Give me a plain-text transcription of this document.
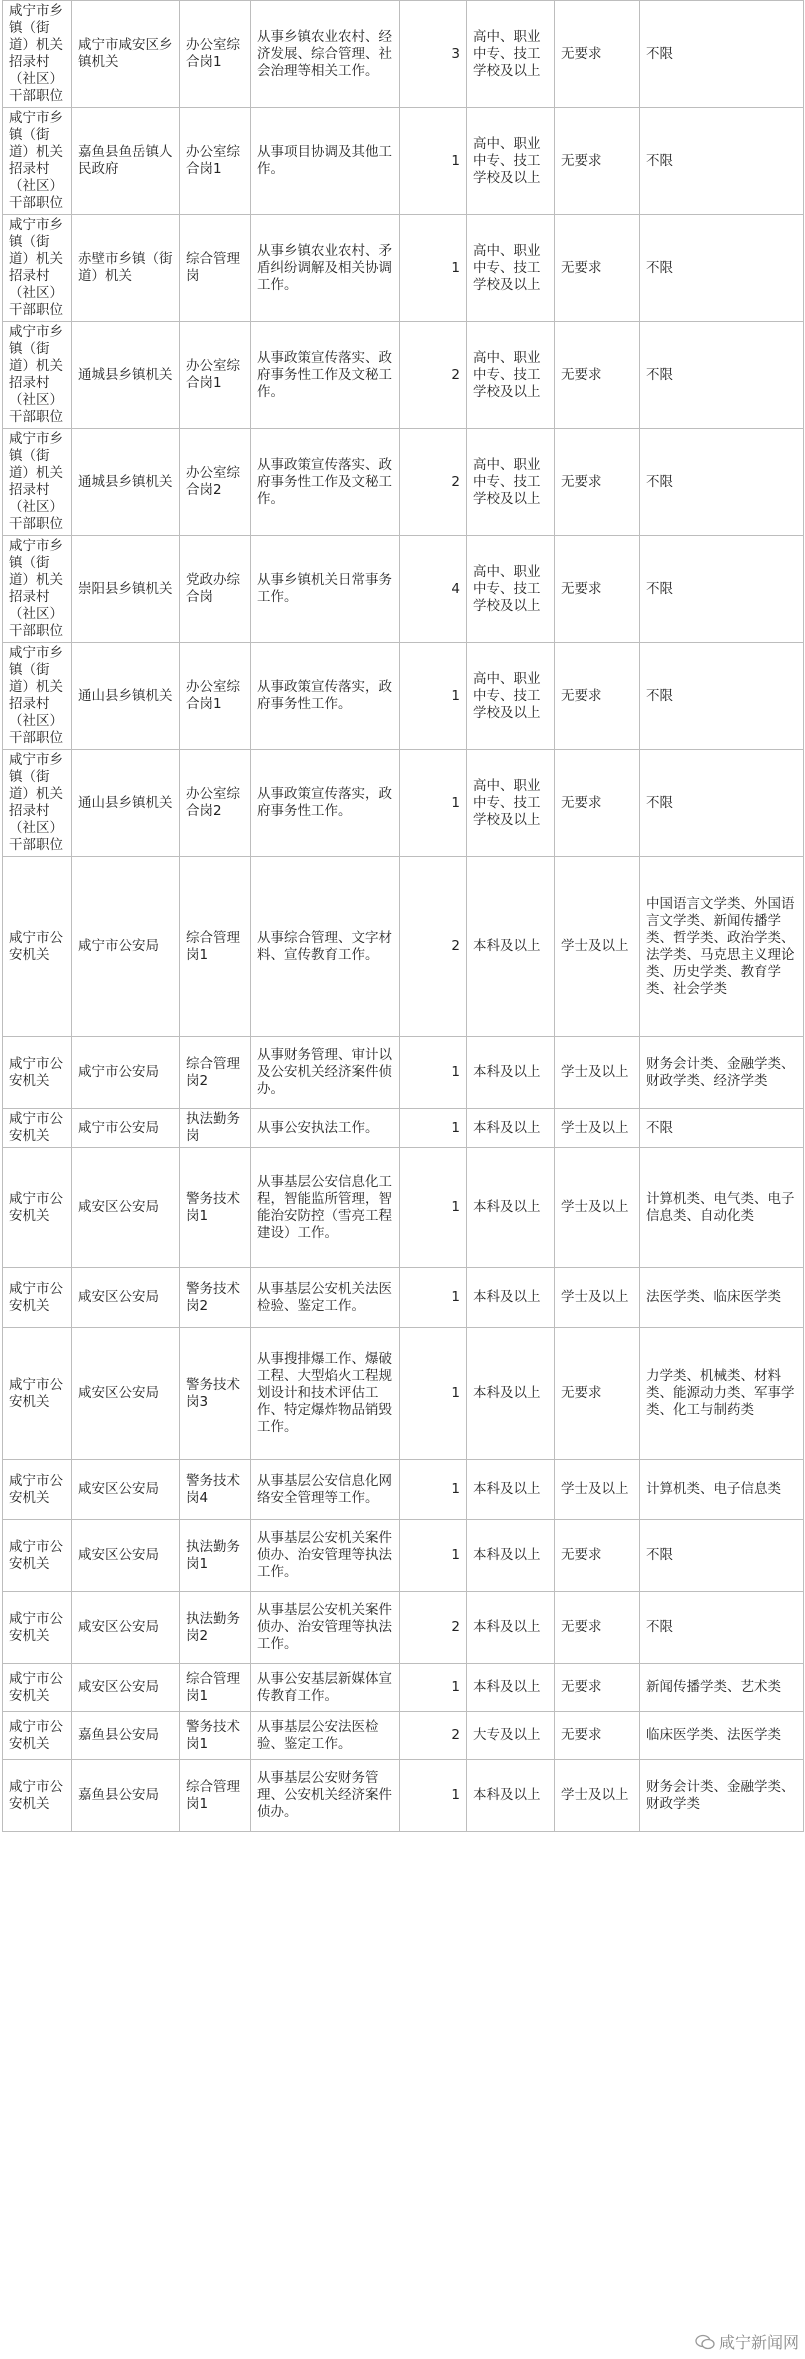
咸宁市乡镇（街道）机关招录村（社区）干部职位	咸宁市咸安区乡镇机关	办公室综合岗1	从事乡镇农业农村、经济发展、综合管理、社会治理等相关工作。	3	高中、职业中专、技工学校及以上	无要求	不限
咸宁市乡镇（街道）机关招录村（社区）干部职位	嘉鱼县鱼岳镇人民政府	办公室综合岗1	从事项目协调及其他工作。	1	高中、职业中专、技工学校及以上	无要求	不限
咸宁市乡镇（街道）机关招录村（社区）干部职位	赤壁市乡镇（街道）机关	综合管理岗	从事乡镇农业农村、矛盾纠纷调解及相关协调工作。	1	高中、职业中专、技工学校及以上	无要求	不限
咸宁市乡镇（街道）机关招录村（社区）干部职位	通城县乡镇机关	办公室综合岗1	从事政策宣传落实、政府事务性工作及文秘工作。	2	高中、职业中专、技工学校及以上	无要求	不限
咸宁市乡镇（街道）机关招录村（社区）干部职位	通城县乡镇机关	办公室综合岗2	从事政策宣传落实、政府事务性工作及文秘工作。	2	高中、职业中专、技工学校及以上	无要求	不限
咸宁市乡镇（街道）机关招录村（社区）干部职位	崇阳县乡镇机关	党政办综合岗	从事乡镇机关日常事务工作。	4	高中、职业中专、技工学校及以上	无要求	不限
咸宁市乡镇（街道）机关招录村（社区）干部职位	通山县乡镇机关	办公室综合岗1	从事政策宣传落实，政府事务性工作。	1	高中、职业中专、技工学校及以上	无要求	不限
咸宁市乡镇（街道）机关招录村（社区）干部职位	通山县乡镇机关	办公室综合岗2	从事政策宣传落实，政府事务性工作。	1	高中、职业中专、技工学校及以上	无要求	不限
咸宁市公安机关	咸宁市公安局	综合管理岗1	从事综合管理、文字材料、宣传教育工作。	2	本科及以上	学士及以上	中国语言文学类、外国语言文学类、新闻传播学类、哲学类、政治学类、法学类、马克思主义理论类、历史学类、教育学类、社会学类
咸宁市公安机关	咸宁市公安局	综合管理岗2	从事财务管理、审计以及公安机关经济案件侦办。	1	本科及以上	学士及以上	财务会计类、金融学类、财政学类、经济学类
咸宁市公安机关	咸宁市公安局	执法勤务岗	从事公安执法工作。	1	本科及以上	学士及以上	不限
咸宁市公安机关	咸安区公安局	警务技术岗1	从事基层公安信息化工程，智能监所管理，智能治安防控（雪亮工程建设）工作。	1	本科及以上	学士及以上	计算机类、电气类、电子信息类、自动化类
咸宁市公安机关	咸安区公安局	警务技术岗2	从事基层公安机关法医检验、鉴定工作。	1	本科及以上	学士及以上	法医学类、临床医学类
咸宁市公安机关	咸安区公安局	警务技术岗3	从事搜排爆工作、爆破工程、大型焰火工程规划设计和技术评估工作、特定爆炸物品销毁工作。	1	本科及以上	无要求	力学类、机械类、材料类、能源动力类、军事学类、化工与制药类
咸宁市公安机关	咸安区公安局	警务技术岗4	从事基层公安信息化网络安全管理等工作。	1	本科及以上	学士及以上	计算机类、电子信息类
咸宁市公安机关	咸安区公安局	执法勤务岗1	从事基层公安机关案件侦办、治安管理等执法工作。	1	本科及以上	无要求	不限
咸宁市公安机关	咸安区公安局	执法勤务岗2	从事基层公安机关案件侦办、治安管理等执法工作。	2	本科及以上	无要求	不限
咸宁市公安机关	咸安区公安局	综合管理岗1	从事公安基层新媒体宣传教育工作。	1	本科及以上	无要求	新闻传播学类、艺术类
咸宁市公安机关	嘉鱼县公安局	警务技术岗1	从事基层公安法医检验、鉴定工作。	2	大专及以上	无要求	临床医学类、法医学类
咸宁市公安机关	嘉鱼县公安局	综合管理岗1	从事基层公安财务管理、公安机关经济案件侦办。	1	本科及以上	学士及以上	财务会计类、金融学类、财政学类
咸宁新闻网
